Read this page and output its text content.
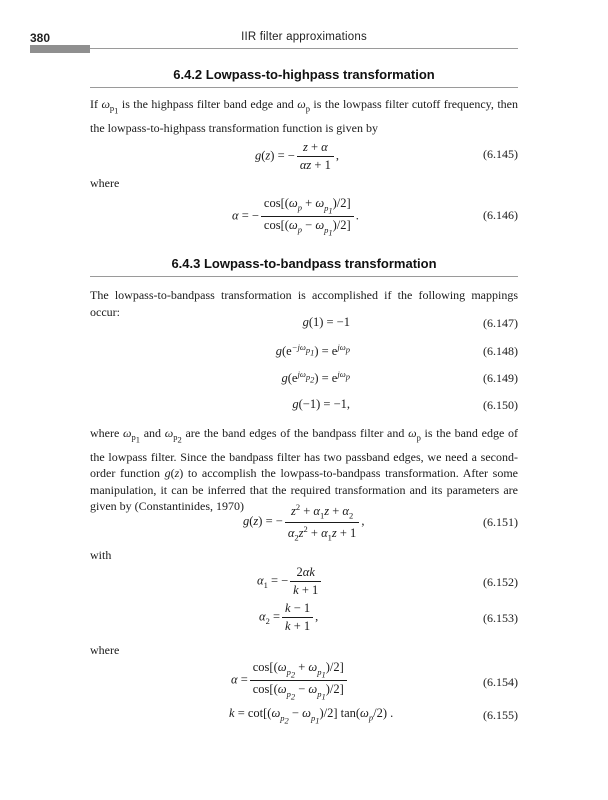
380	IIR filter approximations
6.4.2 Lowpass-to-highpass transformation
If $\omega_{p_1}$ is the highpass filter band edge and $\omega_p$ is the lowpass filter cutoff frequency, then the lowpass-to-highpass transformation function is given by
g(z) = − $\frac{z + \alpha}{\alpha z + 1}$ ,	(6.145)
where
α = − $\frac{\cos[(\omega_p + \omega_{p_1})/2]}{\cos[(\omega_p - \omega_{p_1})/2]}$ .	(6.146)
6.4.3 Lowpass-to-bandpass transformation
The lowpass-to-bandpass transformation is accomplished if the following mappings occur:
g(1) = −1	(6.147)
$g(e^{-j\omega_{p_1}}) = e^{j\omega_p}$	(6.148)
$g(e^{j\omega_{p_2}}) = e^{j\omega_p}$	(6.149)
g(−1) = −1,	(6.150)
where $\omega_{p_1}$ and $\omega_{p_2}$ are the band edges of the bandpass filter and $\omega_p$ is the band edge of the lowpass filter. Since the bandpass filter has two passband edges, we need a second-order function g(z) to accomplish the lowpass-to-bandpass transformation. After some manipulation, it can be inferred that the required transformation and its parameters are given by (Constantinides, 1970)
g(z) = − $\frac{z^2 + \alpha_1z + \alpha_2}{\alpha_2z^2 + \alpha_1z + 1}$ ,	(6.151)
with
$\alpha_1$ = − $\frac{2\alpha k}{k + 1}$	(6.152)
$\alpha_2 = \frac{k - 1}{k + 1}$ ,	(6.153)
where
$\alpha = \frac{\cos[(\omega_{p_2} + \omega_{p_1})/2]}{\cos[(\omega_{p_2} - \omega_{p_1})/2]}$	(6.154)
$k = \cot[(\omega_{p_2} - \omega_{p_1})/2]$ $\tan(\omega_p/2)$ .	(6.155)
